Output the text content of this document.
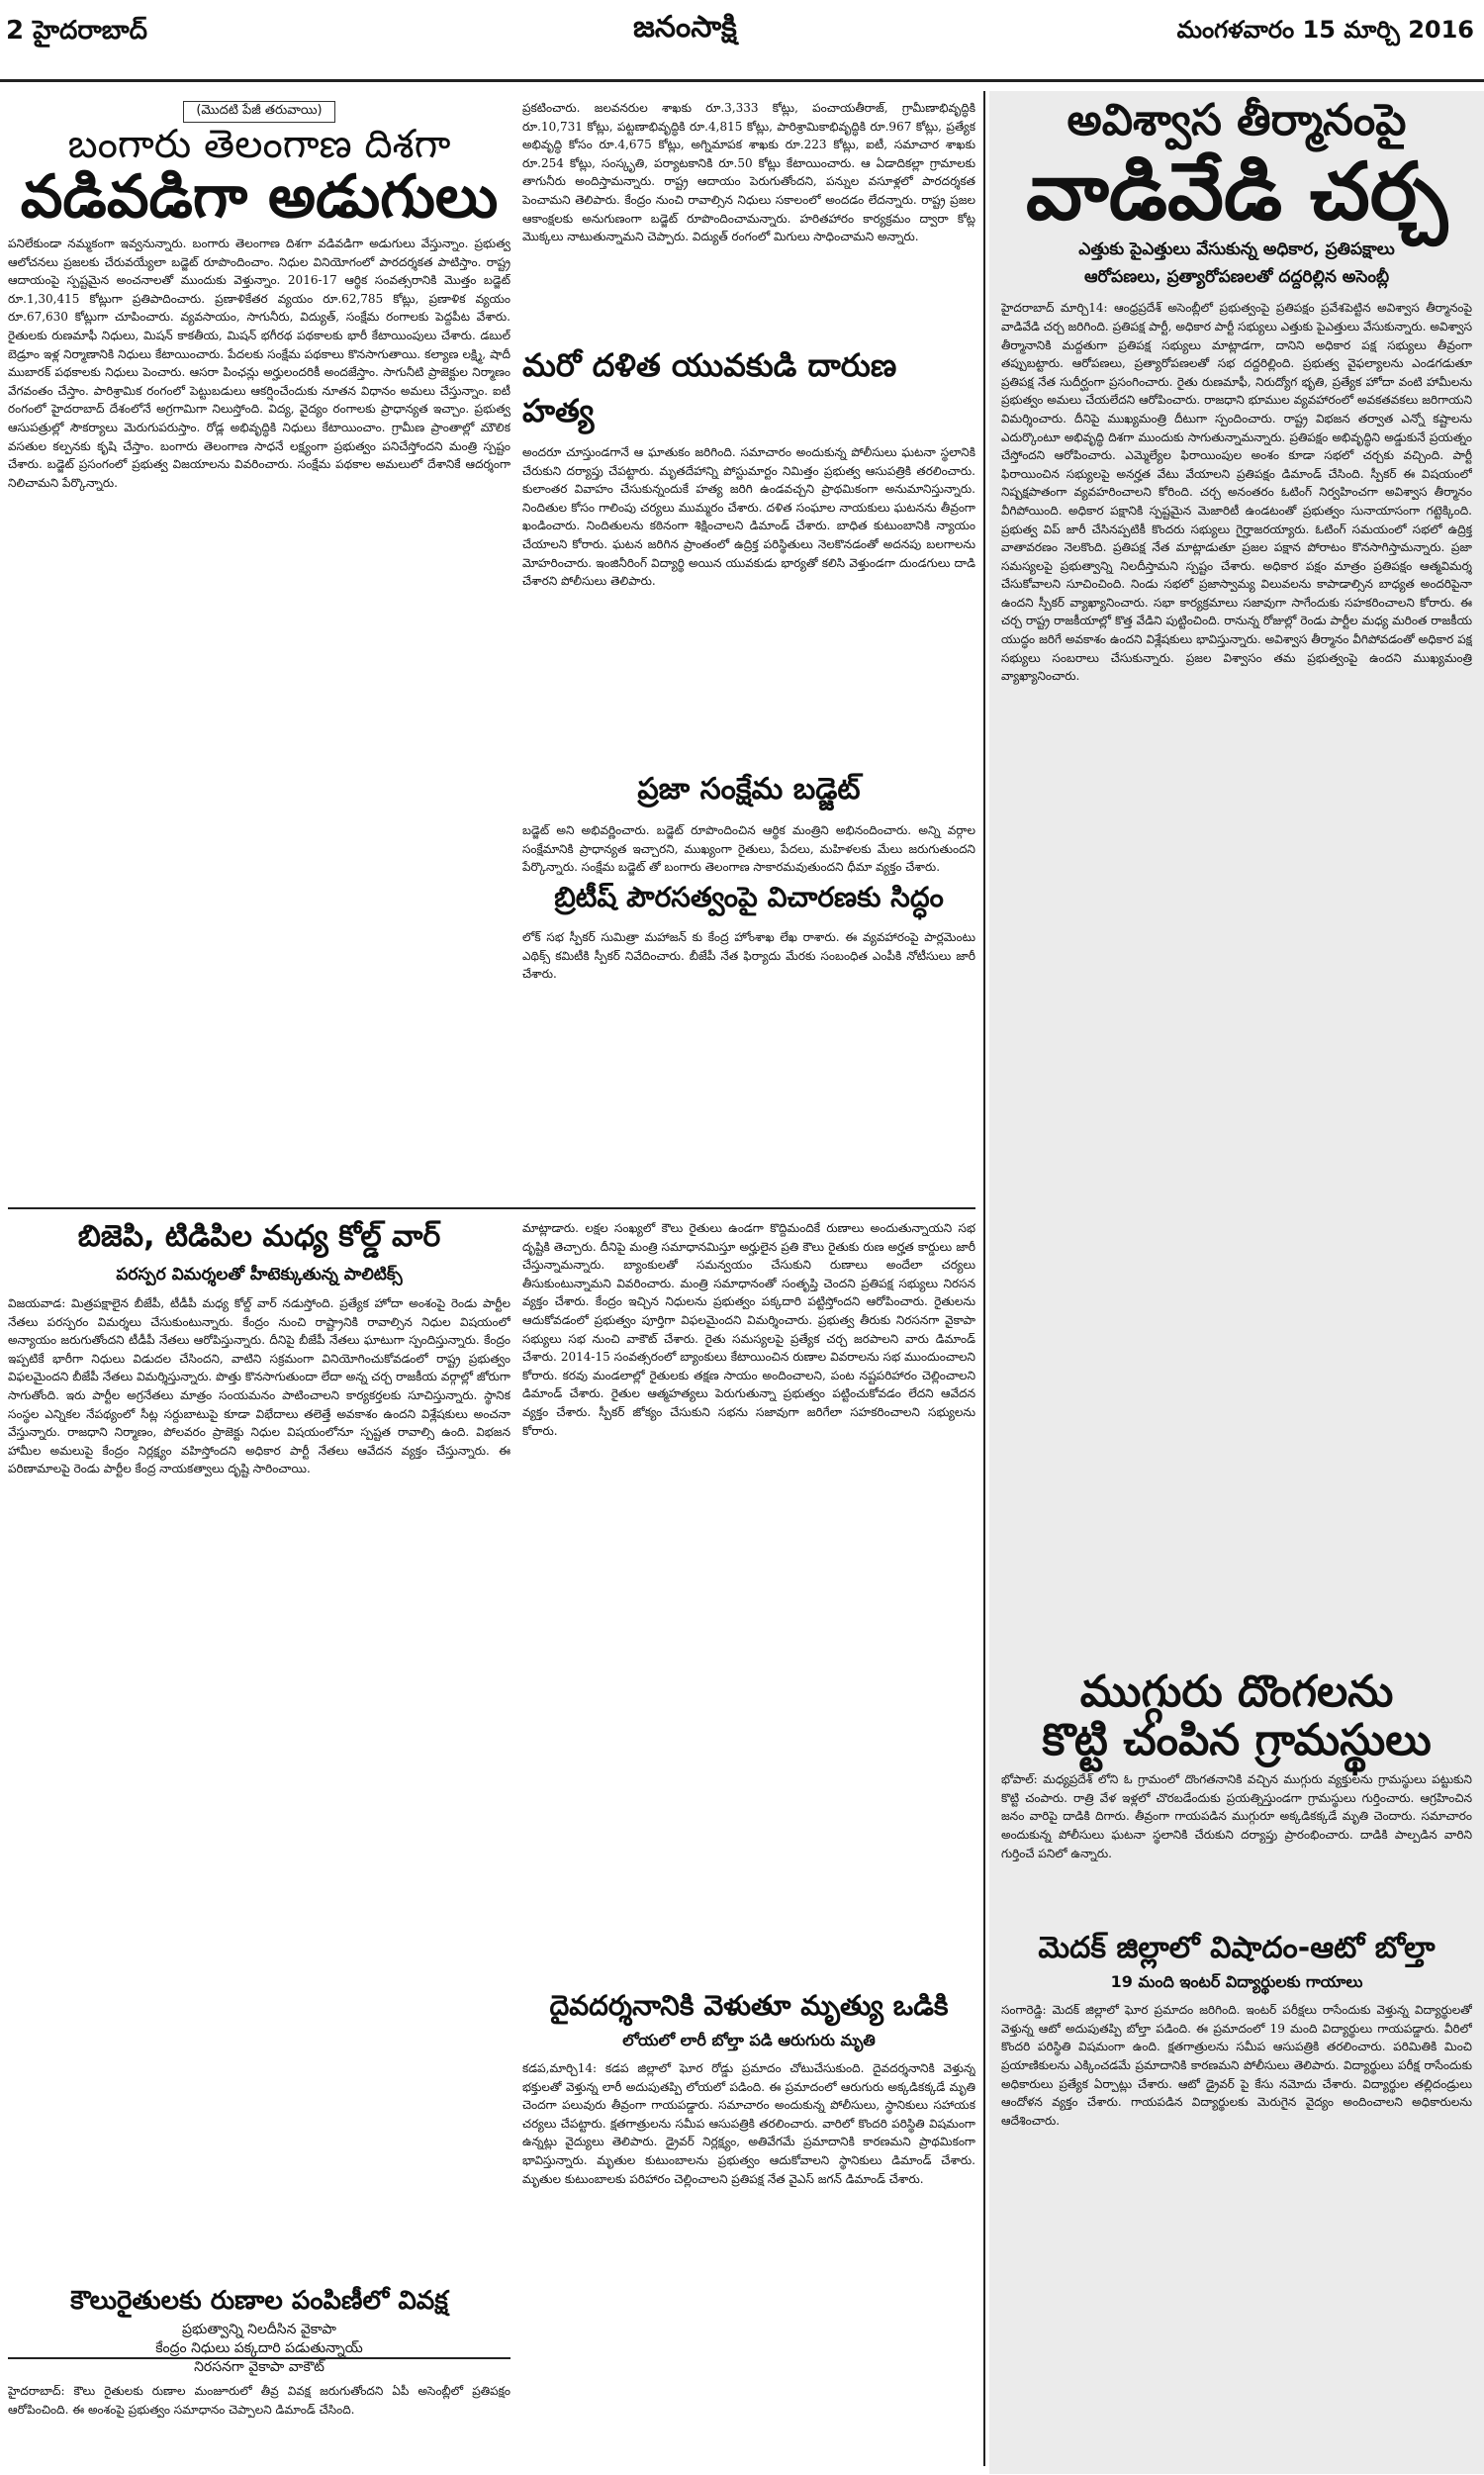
2 హైదరాబాద్	జనంసాక్షి	మంగళవారం 15 మార్చి 2016
(మొదటి పేజీ తరువాయి)
బంగారు తెలంగాణ దిశగా
వడివడిగా అడుగులు
పనిలేకుండా నమ్మకంగా ఇవ్వనున్నారు. బంగారు తెలంగాణ దిశగా వడివడిగా అడుగులు వేస్తున్నాం. ప్రభుత్వ ఆలోచనలు ప్రజలకు చేరువయ్యేలా బడ్జెట్ రూపొందించాం. నిధుల వినియోగంలో పారదర్శకత పాటిస్తాం. రాష్ట్ర ఆదాయంపై స్పష్టమైన అంచనాలతో ముందుకు వెళ్తున్నాం. 2016-17 ఆర్థిక సంవత్సరానికి మొత్తం బడ్జెట్ రూ.1,30,415 కోట్లుగా ప్రతిపాదించారు. ప్రణాళికేతర వ్యయం రూ.62,785 కోట్లు, ప్రణాళిక వ్యయం రూ.67,630 కోట్లుగా చూపించారు. వ్యవసాయం, సాగునీరు, విద్యుత్, సంక్షేమ రంగాలకు పెద్దపీట వేశారు. రైతులకు రుణమాఫీ నిధులు, మిషన్ కాకతీయ, మిషన్ భగీరథ పథకాలకు భారీ కేటాయింపులు చేశారు. డబుల్ బెడ్రూం ఇళ్ల నిర్మాణానికి నిధులు కేటాయించారు. పేదలకు సంక్షేమ పథకాలు కొనసాగుతాయి. కల్యాణ లక్ష్మి, షాదీ ముబారక్ పథకాలకు నిధులు పెంచారు. ఆసరా పింఛన్లు అర్హులందరికీ అందజేస్తాం. సాగునీటి ప్రాజెక్టుల నిర్మాణం వేగవంతం చేస్తాం. పారిశ్రామిక రంగంలో పెట్టుబడులు ఆకర్షించేందుకు నూతన విధానం అమలు చేస్తున్నాం. ఐటీ రంగంలో హైదరాబాద్ దేశంలోనే అగ్రగామిగా నిలుస్తోంది. విద్య, వైద్యం రంగాలకు ప్రాధాన్యత ఇచ్చాం. ప్రభుత్వ ఆసుపత్రుల్లో సౌకర్యాలు మెరుగుపరుస్తాం. రోడ్ల అభివృద్ధికి నిధులు కేటాయించాం. గ్రామీణ ప్రాంతాల్లో మౌలిక వసతుల కల్పనకు కృషి చేస్తాం. బంగారు తెలంగాణ సాధనే లక్ష్యంగా ప్రభుత్వం పనిచేస్తోందని మంత్రి స్పష్టం చేశారు. బడ్జెట్ ప్రసంగంలో ప్రభుత్వ విజయాలను వివరించారు. సంక్షేమ పథకాల అమలులో దేశానికే ఆదర్శంగా నిలిచామని పేర్కొన్నారు.
ప్రకటించారు. జలవనరుల శాఖకు రూ.3,333 కోట్లు, పంచాయతీరాజ్, గ్రామీణాభివృద్ధికి రూ.10,731 కోట్లు, పట్టణాభివృద్ధికి రూ.4,815 కోట్లు, పారిశ్రామికాభివృద్ధికి రూ.967 కోట్లు, ప్రత్యేక అభివృద్ధి కోసం రూ.4,675 కోట్లు, అగ్నిమాపక శాఖకు రూ.223 కోట్లు, ఐటీ, సమాచార శాఖకు రూ.254 కోట్లు, సంస్కృతి, పర్యాటకానికి రూ.50 కోట్లు కేటాయించారు. ఆ ఏడాదికల్లా గ్రామాలకు తాగునీరు అందిస్తామన్నారు. రాష్ట్ర ఆదాయం పెరుగుతోందని, పన్నుల వసూళ్లలో పారదర్శకత పెంచామని తెలిపారు. కేంద్రం నుంచి రావాల్సిన నిధులు సకాలంలో అందడం లేదన్నారు. రాష్ట్ర ప్రజల ఆకాంక్షలకు అనుగుణంగా బడ్జెట్ రూపొందించామన్నారు. హరితహారం కార్యక్రమం ద్వారా కోట్ల మొక్కలు నాటుతున్నామని చెప్పారు. విద్యుత్ రంగంలో మిగులు సాధించామని అన్నారు.
మరో దళిత యువకుడి దారుణ హత్య
అందరూ చూస్తుండగానే ఆ ఘాతుకం జరిగింది. సమాచారం అందుకున్న పోలీసులు ఘటనా స్థలానికి చేరుకుని దర్యాప్తు చేపట్టారు. మృతదేహాన్ని పోస్టుమార్టం నిమిత్తం ప్రభుత్వ ఆసుపత్రికి తరలించారు. కులాంతర వివాహం చేసుకున్నందుకే హత్య జరిగి ఉండవచ్చని ప్రాథమికంగా అనుమానిస్తున్నారు. నిందితుల కోసం గాలింపు చర్యలు ముమ్మరం చేశారు. దళిత సంఘాల నాయకులు ఘటనను తీవ్రంగా ఖండించారు. నిందితులను కఠినంగా శిక్షించాలని డిమాండ్ చేశారు. బాధిత కుటుంబానికి న్యాయం చేయాలని కోరారు. ఘటన జరిగిన ప్రాంతంలో ఉద్రిక్త పరిస్థితులు నెలకొనడంతో అదనపు బలగాలను మోహరించారు. ఇంజినీరింగ్ విద్యార్థి అయిన యువకుడు భార్యతో కలిసి వెళ్తుండగా దుండగులు దాడి చేశారని పోలీసులు తెలిపారు.
ప్రజా సంక్షేమ బడ్జెట్
బడ్జెట్ అని అభివర్ణించారు. బడ్జెట్ రూపొందించిన ఆర్థిక మంత్రిని అభినందించారు. అన్ని వర్గాల సంక్షేమానికి ప్రాధాన్యత ఇచ్చారని, ముఖ్యంగా రైతులు, పేదలు, మహిళలకు మేలు జరుగుతుందని పేర్కొన్నారు. సంక్షేమ బడ్జెట్ తో బంగారు తెలంగాణ సాకారమవుతుందని ధీమా వ్యక్తం చేశారు.
బ్రిటీష్ పౌరసత్వంపై విచారణకు సిద్ధం
లోక్ సభ స్పీకర్ సుమిత్రా మహాజన్ కు కేంద్ర హోంశాఖ లేఖ రాశారు. ఈ వ్యవహారంపై పార్లమెంటు ఎథిక్స్ కమిటీకి స్పీకర్ నివేదించారు. బీజేపీ నేత ఫిర్యాదు మేరకు సంబంధిత ఎంపీకి నోటీసులు జారీ చేశారు.
బిజెపి, టిడిపిల మధ్య కోల్డ్ వార్
పరస్పర విమర్శలతో హీటెక్కుతున్న పాలిటిక్స్
విజయవాడ: మిత్రపక్షాలైన బీజేపీ, టీడీపీ మధ్య కోల్డ్ వార్ నడుస్తోంది. ప్రత్యేక హోదా అంశంపై రెండు పార్టీల నేతలు పరస్పరం విమర్శలు చేసుకుంటున్నారు. కేంద్రం నుంచి రాష్ట్రానికి రావాల్సిన నిధుల విషయంలో అన్యాయం జరుగుతోందని టీడీపీ నేతలు ఆరోపిస్తున్నారు. దీనిపై బీజేపీ నేతలు ఘాటుగా స్పందిస్తున్నారు. కేంద్రం ఇప్పటికే భారీగా నిధులు విడుదల చేసిందని, వాటిని సక్రమంగా వినియోగించుకోవడంలో రాష్ట్ర ప్రభుత్వం విఫలమైందని బీజేపీ నేతలు విమర్శిస్తున్నారు. పొత్తు కొనసాగుతుందా లేదా అన్న చర్చ రాజకీయ వర్గాల్లో జోరుగా సాగుతోంది. ఇరు పార్టీల అగ్రనేతలు మాత్రం సంయమనం పాటించాలని కార్యకర్తలకు సూచిస్తున్నారు. స్థానిక సంస్థల ఎన్నికల నేపథ్యంలో సీట్ల సర్దుబాటుపై కూడా విభేదాలు తలెత్తే అవకాశం ఉందని విశ్లేషకులు అంచనా వేస్తున్నారు. రాజధాని నిర్మాణం, పోలవరం ప్రాజెక్టు నిధుల విషయంలోనూ స్పష్టత రావాల్సి ఉంది. విభజన హామీల అమలుపై కేంద్రం నిర్లక్ష్యం వహిస్తోందని అధికార పార్టీ నేతలు ఆవేదన వ్యక్తం చేస్తున్నారు. ఈ పరిణామాలపై రెండు పార్టీల కేంద్ర నాయకత్వాలు దృష్టి సారించాయి.
కౌలురైతులకు రుణాల పంపిణీలో వివక్ష
ప్రభుత్వాన్ని నిలదీసిన వైకాపా
కేంద్రం నిధులు పక్కదారి పడుతున్నాయ్
నిరసనగా వైకాపా వాకౌట్
హైదరాబాద్: కౌలు రైతులకు రుణాల మంజూరులో తీవ్ర వివక్ష జరుగుతోందని ఏపీ అసెంబ్లీలో ప్రతిపక్షం ఆరోపించింది. ఈ అంశంపై ప్రభుత్వం సమాధానం చెప్పాలని డిమాండ్ చేసింది.
మాట్లాడారు. లక్షల సంఖ్యలో కౌలు రైతులు ఉండగా కొద్దిమందికే రుణాలు అందుతున్నాయని సభ దృష్టికి తెచ్చారు. దీనిపై మంత్రి సమాధానమిస్తూ అర్హులైన ప్రతి కౌలు రైతుకు రుణ అర్హత కార్డులు జారీ చేస్తున్నామన్నారు. బ్యాంకులతో సమన్వయం చేసుకుని రుణాలు అందేలా చర్యలు తీసుకుంటున్నామని వివరించారు. మంత్రి సమాధానంతో సంతృప్తి చెందని ప్రతిపక్ష సభ్యులు నిరసన వ్యక్తం చేశారు. కేంద్రం ఇచ్చిన నిధులను ప్రభుత్వం పక్కదారి పట్టిస్తోందని ఆరోపించారు. రైతులను ఆదుకోవడంలో ప్రభుత్వం పూర్తిగా విఫలమైందని విమర్శించారు. ప్రభుత్వ తీరుకు నిరసనగా వైకాపా సభ్యులు సభ నుంచి వాకౌట్ చేశారు. రైతు సమస్యలపై ప్రత్యేక చర్చ జరపాలని వారు డిమాండ్ చేశారు. 2014-15 సంవత్సరంలో బ్యాంకులు కేటాయించిన రుణాల వివరాలను సభ ముందుంచాలని కోరారు. కరవు మండలాల్లో రైతులకు తక్షణ సాయం అందించాలని, పంట నష్టపరిహారం చెల్లించాలని డిమాండ్ చేశారు. రైతుల ఆత్మహత్యలు పెరుగుతున్నా ప్రభుత్వం పట్టించుకోవడం లేదని ఆవేదన వ్యక్తం చేశారు. స్పీకర్ జోక్యం చేసుకుని సభను సజావుగా జరిగేలా సహకరించాలని సభ్యులను కోరారు.
దైవదర్శనానికి వెళుతూ మృత్యు ఒడికి
లోయలో లారీ బోల్తా పడి ఆరుగురు మృతి
కడప,మార్చి14: కడప జిల్లాలో ఘోర రోడ్డు ప్రమాదం చోటుచేసుకుంది. దైవదర్శనానికి వెళ్తున్న భక్తులతో వెళ్తున్న లారీ అదుపుతప్పి లోయలో పడింది. ఈ ప్రమాదంలో ఆరుగురు అక్కడికక్కడే మృతి చెందగా పలువురు తీవ్రంగా గాయపడ్డారు. సమాచారం అందుకున్న పోలీసులు, స్థానికులు సహాయక చర్యలు చేపట్టారు. క్షతగాత్రులను సమీప ఆసుపత్రికి తరలించారు. వారిలో కొందరి పరిస్థితి విషమంగా ఉన్నట్లు వైద్యులు తెలిపారు. డ్రైవర్ నిర్లక్ష్యం, అతివేగమే ప్రమాదానికి కారణమని ప్రాథమికంగా భావిస్తున్నారు. మృతుల కుటుంబాలను ప్రభుత్వం ఆదుకోవాలని స్థానికులు డిమాండ్ చేశారు. మృతుల కుటుంబాలకు పరిహారం చెల్లించాలని ప్రతిపక్ష నేత వైఎస్ జగన్ డిమాండ్ చేశారు.
అవిశ్వాస తీర్మానంపై
వాడివేడి చర్చ
ఎత్తుకు పైఎత్తులు వేసుకున్న అధికార, ప్రతిపక్షాలు
ఆరోపణలు, ప్రత్యారోపణలతో దద్దరిల్లిన అసెంబ్లీ
హైదరాబాద్ మార్చి14: ఆంధ్రప్రదేశ్ అసెంబ్లీలో ప్రభుత్వంపై ప్రతిపక్షం ప్రవేశపెట్టిన అవిశ్వాస తీర్మానంపై వాడివేడి చర్చ జరిగింది. ప్రతిపక్ష పార్టీ, అధికార పార్టీ సభ్యులు ఎత్తుకు పైఎత్తులు వేసుకున్నారు. అవిశ్వాస తీర్మానానికి మద్దతుగా ప్రతిపక్ష సభ్యులు మాట్లాడగా, దానిని అధికార పక్ష సభ్యులు తీవ్రంగా తప్పుబట్టారు. ఆరోపణలు, ప్రత్యారోపణలతో సభ దద్దరిల్లింది. ప్రభుత్వ వైఫల్యాలను ఎండగడుతూ ప్రతిపక్ష నేత సుదీర్ఘంగా ప్రసంగించారు. రైతు రుణమాఫీ, నిరుద్యోగ భృతి, ప్రత్యేక హోదా వంటి హామీలను ప్రభుత్వం అమలు చేయలేదని ఆరోపించారు. రాజధాని భూముల వ్యవహారంలో అవకతవకలు జరిగాయని విమర్శించారు. దీనిపై ముఖ్యమంత్రి దీటుగా స్పందించారు. రాష్ట్ర విభజన తర్వాత ఎన్నో కష్టాలను ఎదుర్కొంటూ అభివృద్ధి దిశగా ముందుకు సాగుతున్నామన్నారు. ప్రతిపక్షం అభివృద్ధిని అడ్డుకునే ప్రయత్నం చేస్తోందని ఆరోపించారు. ఎమ్మెల్యేల ఫిరాయింపుల అంశం కూడా సభలో చర్చకు వచ్చింది. పార్టీ ఫిరాయించిన సభ్యులపై అనర్హత వేటు వేయాలని ప్రతిపక్షం డిమాండ్ చేసింది. స్పీకర్ ఈ విషయంలో నిష్పక్షపాతంగా వ్యవహరించాలని కోరింది. చర్చ అనంతరం ఓటింగ్ నిర్వహించగా అవిశ్వాస తీర్మానం వీగిపోయింది. అధికార పక్షానికి స్పష్టమైన మెజారిటీ ఉండటంతో ప్రభుత్వం సునాయాసంగా గట్టెక్కింది. ప్రభుత్వ విప్ జారీ చేసినప్పటికీ కొందరు సభ్యులు గైర్హాజరయ్యారు. ఓటింగ్ సమయంలో సభలో ఉద్రిక్త వాతావరణం నెలకొంది. ప్రతిపక్ష నేత మాట్లాడుతూ ప్రజల పక్షాన పోరాటం కొనసాగిస్తామన్నారు. ప్రజా సమస్యలపై ప్రభుత్వాన్ని నిలదీస్తామని స్పష్టం చేశారు. అధికార పక్షం మాత్రం ప్రతిపక్షం ఆత్మవిమర్శ చేసుకోవాలని సూచించింది. నిండు సభలో ప్రజాస్వామ్య విలువలను కాపాడాల్సిన బాధ్యత అందరిపైనా ఉందని స్పీకర్ వ్యాఖ్యానించారు. సభా కార్యక్రమాలు సజావుగా సాగేందుకు సహకరించాలని కోరారు. ఈ చర్చ రాష్ట్ర రాజకీయాల్లో కొత్త వేడిని పుట్టించింది. రానున్న రోజుల్లో రెండు పార్టీల మధ్య మరింత రాజకీయ యుద్ధం జరిగే అవకాశం ఉందని విశ్లేషకులు భావిస్తున్నారు. అవిశ్వాస తీర్మానం వీగిపోవడంతో అధికార పక్ష సభ్యులు సంబరాలు చేసుకున్నారు. ప్రజల విశ్వాసం తమ ప్రభుత్వంపై ఉందని ముఖ్యమంత్రి వ్యాఖ్యానించారు.
ముగ్గురు దొంగలను
కొట్టి చంపిన గ్రామస్థులు
భోపాల్: మధ్యప్రదేశ్ లోని ఓ గ్రామంలో దొంగతనానికి వచ్చిన ముగ్గురు వ్యక్తులను గ్రామస్థులు పట్టుకుని కొట్టి చంపారు. రాత్రి వేళ ఇళ్లలో చొరబడేందుకు ప్రయత్నిస్తుండగా గ్రామస్థులు గుర్తించారు. ఆగ్రహించిన జనం వారిపై దాడికి దిగారు. తీవ్రంగా గాయపడిన ముగ్గురూ అక్కడికక్కడే మృతి చెందారు. సమాచారం అందుకున్న పోలీసులు ఘటనా స్థలానికి చేరుకుని దర్యాప్తు ప్రారంభించారు. దాడికి పాల్పడిన వారిని గుర్తించే పనిలో ఉన్నారు.
మెదక్ జిల్లాలో విషాదం-ఆటో బోల్తా
19 మంది ఇంటర్ విద్యార్థులకు గాయాలు
సంగారెడ్డి: మెదక్ జిల్లాలో ఘోర ప్రమాదం జరిగింది. ఇంటర్ పరీక్షలు రాసేందుకు వెళ్తున్న విద్యార్థులతో వెళ్తున్న ఆటో అదుపుతప్పి బోల్తా పడింది. ఈ ప్రమాదంలో 19 మంది విద్యార్థులు గాయపడ్డారు. వీరిలో కొందరి పరిస్థితి విషమంగా ఉంది. క్షతగాత్రులను సమీప ఆసుపత్రికి తరలించారు. పరిమితికి మించి ప్రయాణికులను ఎక్కించడమే ప్రమాదానికి కారణమని పోలీసులు తెలిపారు. విద్యార్థులు పరీక్ష రాసేందుకు అధికారులు ప్రత్యేక ఏర్పాట్లు చేశారు. ఆటో డ్రైవర్ పై కేసు నమోదు చేశారు. విద్యార్థుల తల్లిదండ్రులు ఆందోళన వ్యక్తం చేశారు. గాయపడిన విద్యార్థులకు మెరుగైన వైద్యం అందించాలని అధికారులను ఆదేశించారు.
